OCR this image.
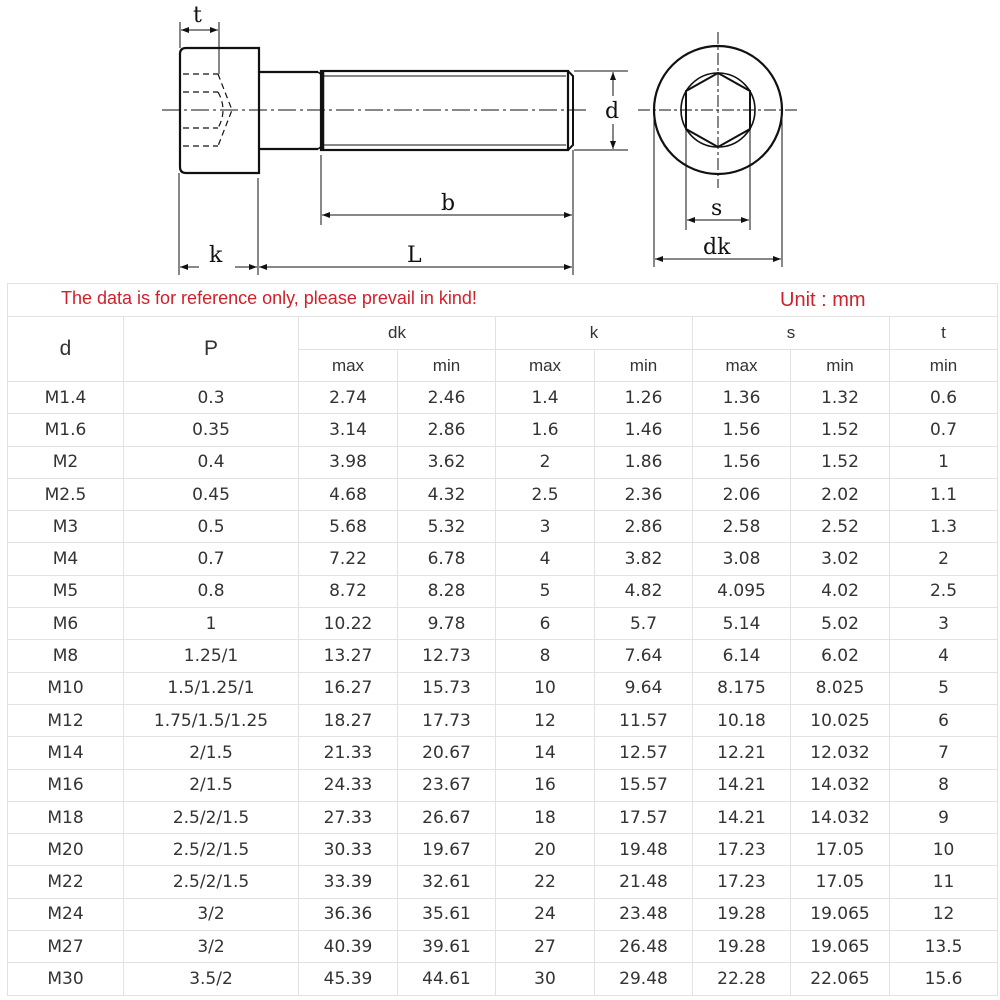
t
d
b
k	L
s
dk
The data is for reference only, please prevail in kind! Unit : mm								

d	P	dk		k		s		t
		max	min	max	min	max	min	min
M1.4	0.3	2.74	2.46	1.4	1.26	1.36	1.32	0.6
M1.6	0.35	3.14	2.86	1.6	1.46	1.56	1.52	0.7
M2	0.4	3.98	3.62	2	1.86	1.56	1.52	1
M2.5	0.45	4.68	4.32	2.5	2.36	2.06	2.02	1.1
M3	0.5	5.68	5.32	3	2.86	2.58	2.52	1.3
M4	0.7	7.22	6.78	4	3.82	3.08	3.02	2
M5	0.8	8.72	8.28	5	4.82	4.095	4.02	2.5
M6	1	10.22	9.78	6	5.7	5.14	5.02	3
M8	1.25/1	13.27	12.73	8	7.64	6.14	6.02	4
M10	1.5/1.25/1	16.27	15.73	10	9.64	8.175	8.025	5
M12	1.75/1.5/1.25	18.27	17.73	12	11.57	10.18	10.025	6
M14	2/1.5	21.33	20.67	14	12.57	12.21	12.032	7
M16	2/1.5	24.33	23.67	16	15.57	14.21	14.032	8
M18	2.5/2/1.5	27.33	26.67	18	17.57	14.21	14.032	9
M20	2.5/2/1.5	30.33	19.67	20	19.48	17.23	17.05	10
M22	2.5/2/1.5	33.39	32.61	22	21.48	17.23	17.05	11
M24	3/2	36.36	35.61	24	23.48	19.28	19.065	12
M27	3/2	40.39	39.61	27	26.48	19.28	19.065	13.5
M30	3.5/2	45.39	44.61	30	29.48	22.28	22.065	15.6
